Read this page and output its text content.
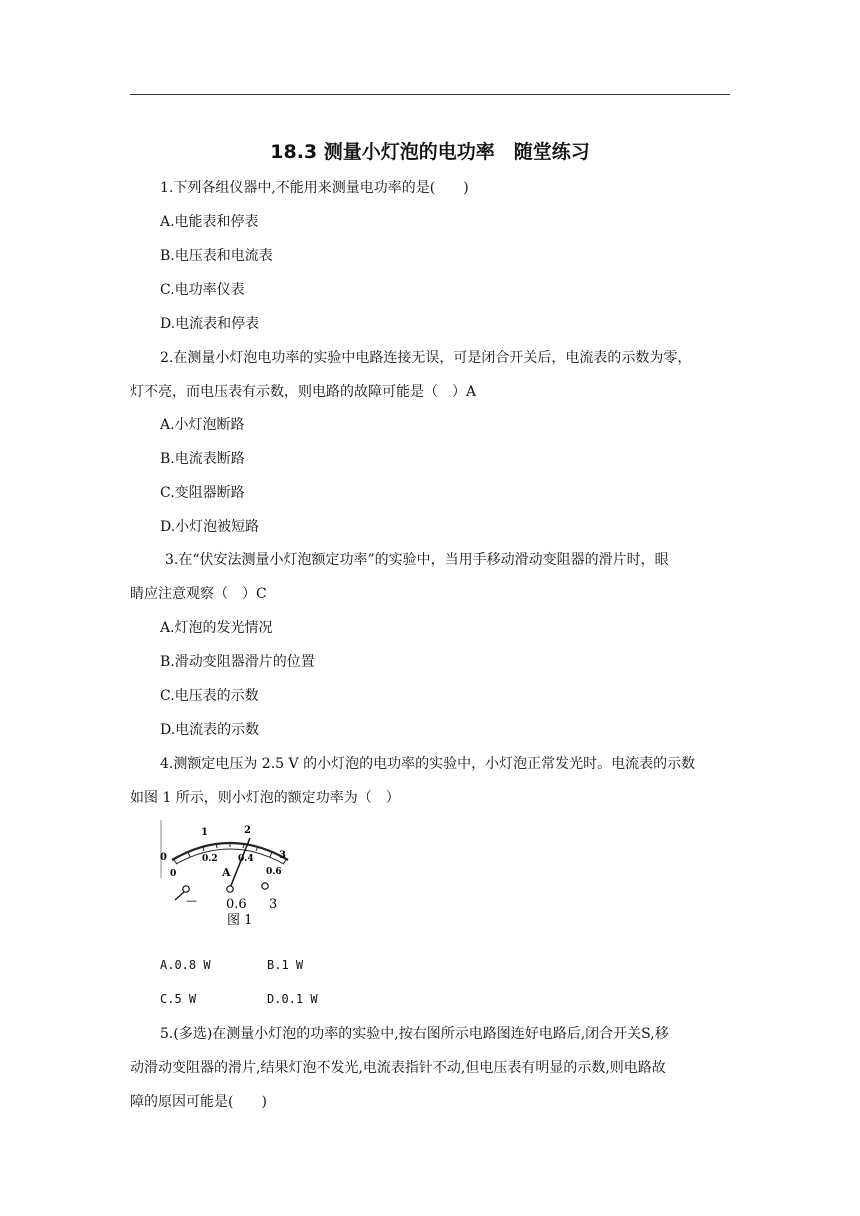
18.3 测量小灯泡的电功率　随堂练习
1.下列各组仪器中,不能用来测量电功率的是(　　)
A.电能表和停表
B.电压表和电流表
C.电功率仪表
D.电流表和停表
2.在测量小灯泡电功率的实验中电路连接无误，可是闭合开关后，电流表的示数为零，
灯不亮，而电压表有示数，则电路的故障可能是（　）A
A.小灯泡断路
B.电流表断路
C.变阻器断路
D.小灯泡被短路
3.在“伏安法测量小灯泡额定功率”的实验中，当用手移动滑动变阻器的滑片时，眼
睛应注意观察（　）C
A.灯泡的发光情况
B.滑动变阻器滑片的位置
C.电压表的示数
D.电流表的示数
4.测额定电压为 2.5 V 的小灯泡的电功率的实验中，小灯泡正常发光时。电流表的示数
如图 1 所示，则小灯泡的额定功率为（　）
0
1	2
3
0
0.2 0.4
0.6
A
— 0.6 3
图 1
A.0.8 W	B.1 W
C.5 W	D.0.1 W
5.(多选)在测量小灯泡的功率的实验中,按右图所示电路图连好电路后,闭合开关S,移
动滑动变阻器的滑片,结果灯泡不发光,电流表指针不动,但电压表有明显的示数,则电路故
障的原因可能是(　　)
